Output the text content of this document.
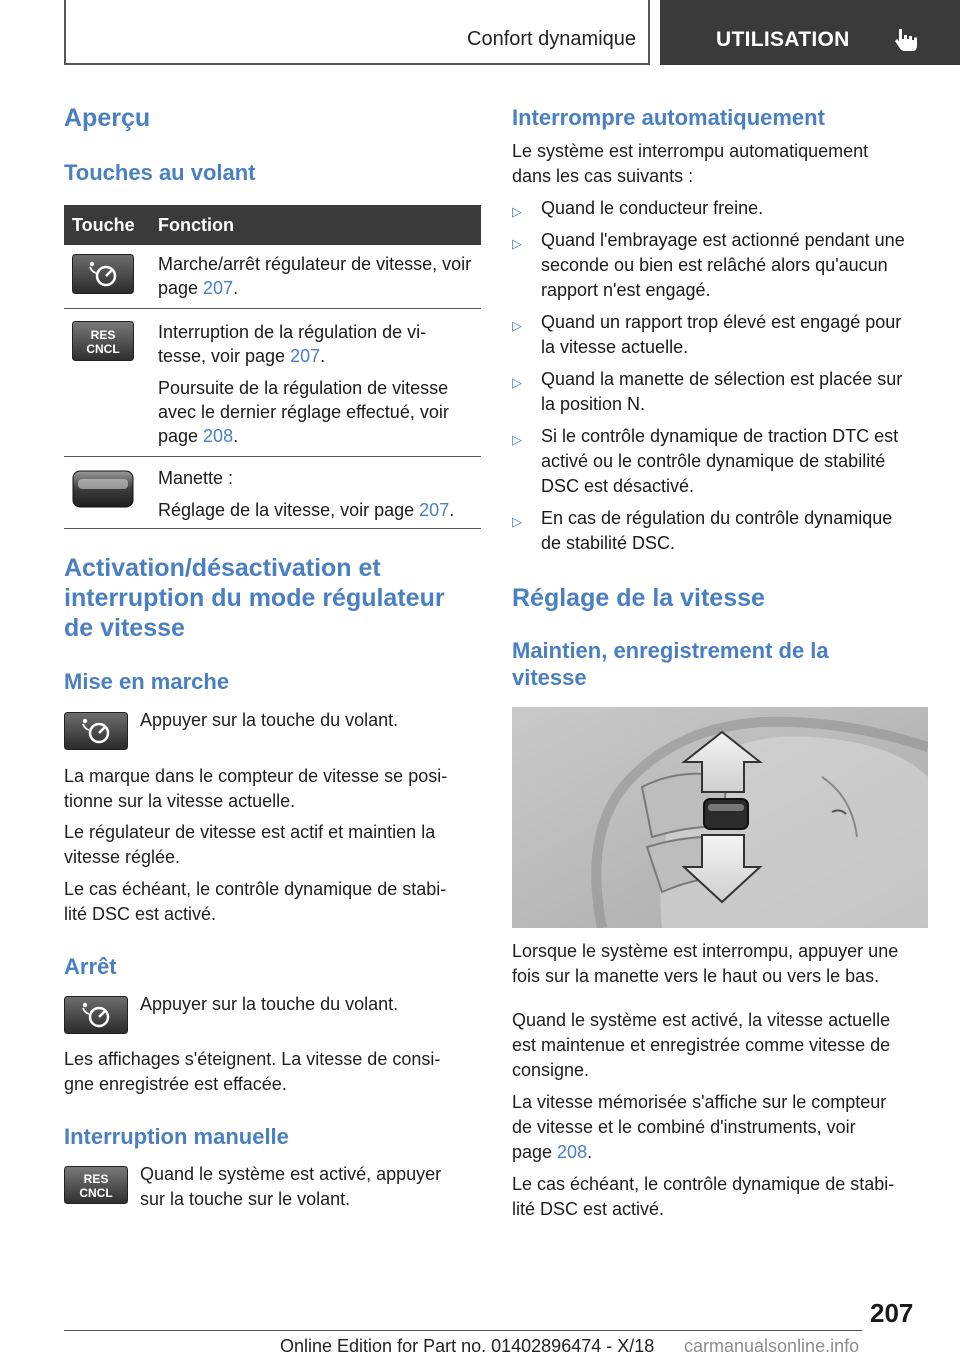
Confort dynamique	UTILISATION
Aperçu
Touches au volant
Touche Fonction
Marche/arrêt régulateur de vitesse, voir page 207.
RES
CNCL

Interruption de la régulation de vi-
tesse, voir page 207.

Poursuite de la régulation de vitesse
avec le dernier réglage effectué, voir
page 208.

Manette :

Réglage de la vitesse, voir page 207.

Activation/désactivation et
interruption du mode régulateur
de vitesse
Mise en marche
Appuyer sur la touche du volant.
La marque dans le compteur de vitesse se posi-
tionne sur la vitesse actuelle.
Le régulateur de vitesse est actif et maintien la
vitesse réglée.
Le cas échéant, le contrôle dynamique de stabi-
lité DSC est activé.
Arrêt
Appuyer sur la touche du volant.
Les affichages s'éteignent. La vitesse de consi-
gne enregistrée est effacée.
Interruption manuelle
RES
CNCL
Quand le système est activé, appuyer
sur la touche sur le volant.
Interrompre automatiquement
Le système est interrompu automatiquement
dans les cas suivants :
▷ Quand le conducteur freine.
▷ Quand l'embrayage est actionné pendant une
seconde ou bien est relâché alors qu'aucun
rapport n'est engagé.
▷ Quand un rapport trop élevé est engagé pour
la vitesse actuelle.
▷ Quand la manette de sélection est placée sur
la position N.
▷ Si le contrôle dynamique de traction DTC est
activé ou le contrôle dynamique de stabilité
DSC est désactivé.
▷ En cas de régulation du contrôle dynamique
de stabilité DSC.
Réglage de la vitesse
Maintien, enregistrement de la
vitesse
Lorsque le système est interrompu, appuyer une
fois sur la manette vers le haut ou vers le bas.
Quand le système est activé, la vitesse actuelle
est maintenue et enregistrée comme vitesse de
consigne.
La vitesse mémorisée s'affiche sur le compteur
de vitesse et le combiné d'instruments, voir
page 208.
Le cas échéant, le contrôle dynamique de stabi-
lité DSC est activé.
207
Online Edition for Part no. 01402896474 - X/18 carmanualsonline.info
